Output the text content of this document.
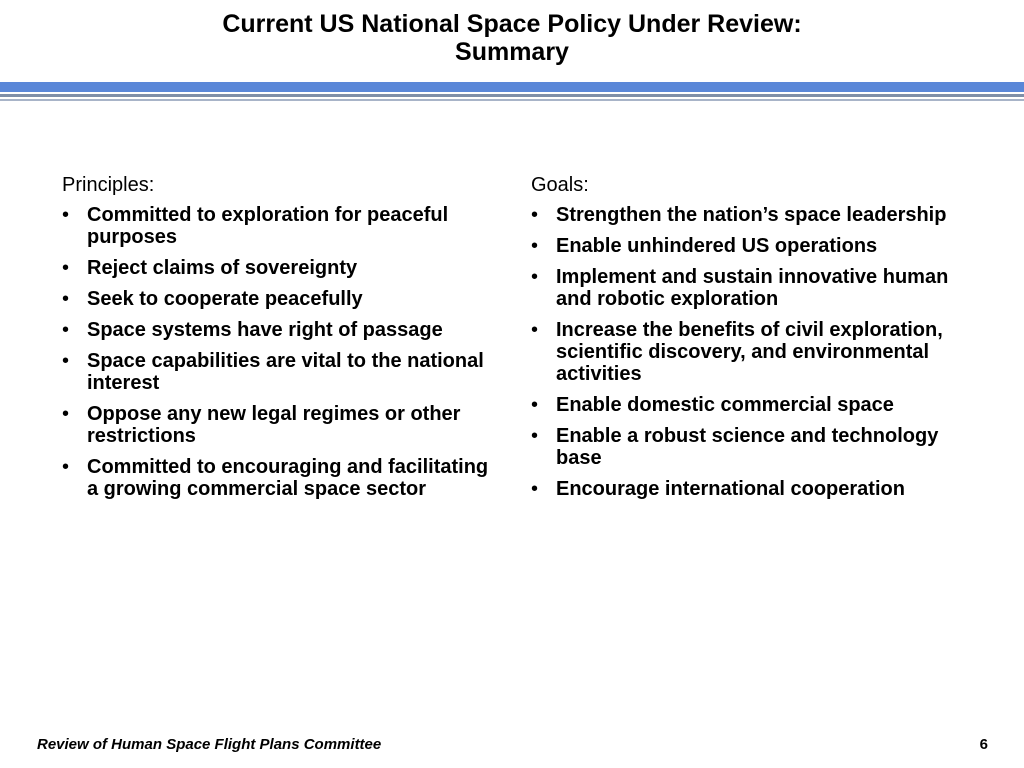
Current US National Space Policy Under Review:
Summary

Principles:

• Committed to exploration for peaceful purposes
• Reject claims of sovereignty
• Seek to cooperate peacefully
• Space systems have right of passage
• Space capabilities are vital to the national interest
• Oppose any new legal regimes or other restrictions
• Committed to encouraging and facilitating a growing commercial space sector

Goals:

• Strengthen the nation’s space leadership
• Enable unhindered US operations
• Implement and sustain innovative human and robotic exploration
• Increase the benefits of civil exploration, scientific discovery, and environmental activities
• Enable domestic commercial space
• Enable a robust science and technology base
• Encourage international cooperation
Review of Human Space Flight Plans Committee	6
